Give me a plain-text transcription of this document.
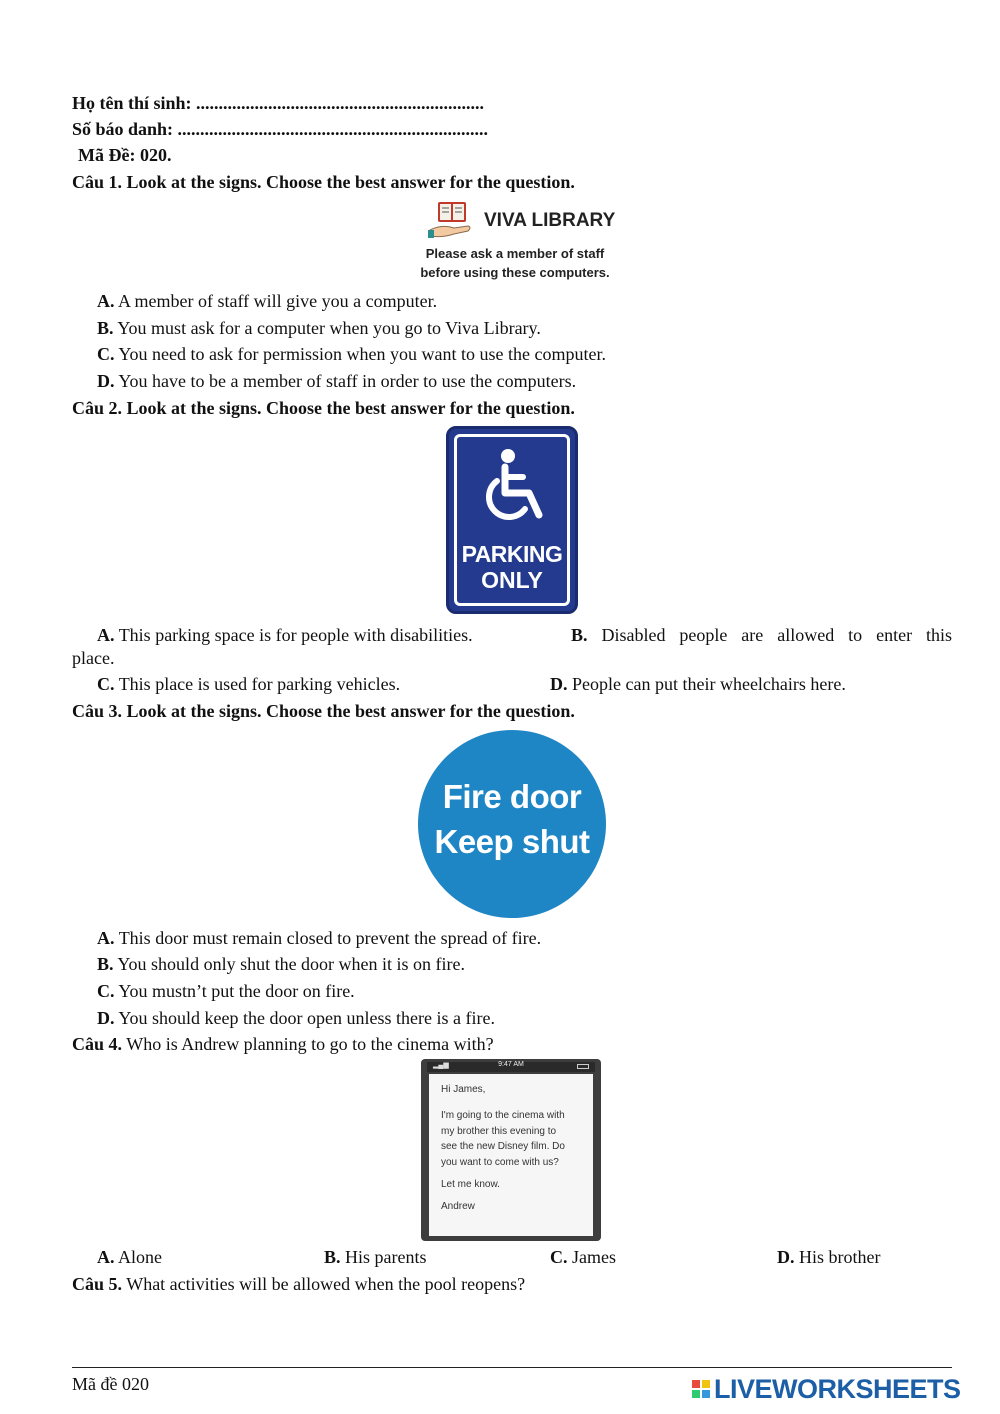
Họ tên thí sinh: ................................................................
Số báo danh: .....................................................................
Mã Đề: 020.
Câu 1. Look at the signs. Choose the best answer for the question.
VIVA LIBRARY
Please ask a member of staff
before using these computers.
A. A member of staff will give you a computer.
B. You must ask for a computer when you go to Viva Library.
C. You need to ask for permission when you want to use the computer.
D. You have to be a member of staff in order to use the computers.
Câu 2. Look at the signs. Choose the best answer for the question.
PARKING
ONLY
A. This parking space is for people with disabilities.	B. Disabled people are allowed to enter this
place.
C. This place is used for parking vehicles.	D. People can put their wheelchairs here.
Câu 3. Look at the signs. Choose the best answer for the question.
Fire door
Keep shut
A. This door must remain closed to prevent the spread of fire.
B. You should only shut the door when it is on fire.
C. You mustn’t put the door on fire.
D. You should keep the door open unless there is a fire.
Câu 4. Who is Andrew planning to go to the cinema with?
▂▄▆	9:47 AM
Hi James,
I'm going to the cinema with
my brother this evening to
see the new Disney film. Do
you want to come with us?
Let me know.
Andrew
A. Alone	B. His parents	C. James	D. His brother
Câu 5. What activities will be allowed when the pool reopens?
Mã đề 020	LIVEWORKSHEETS
